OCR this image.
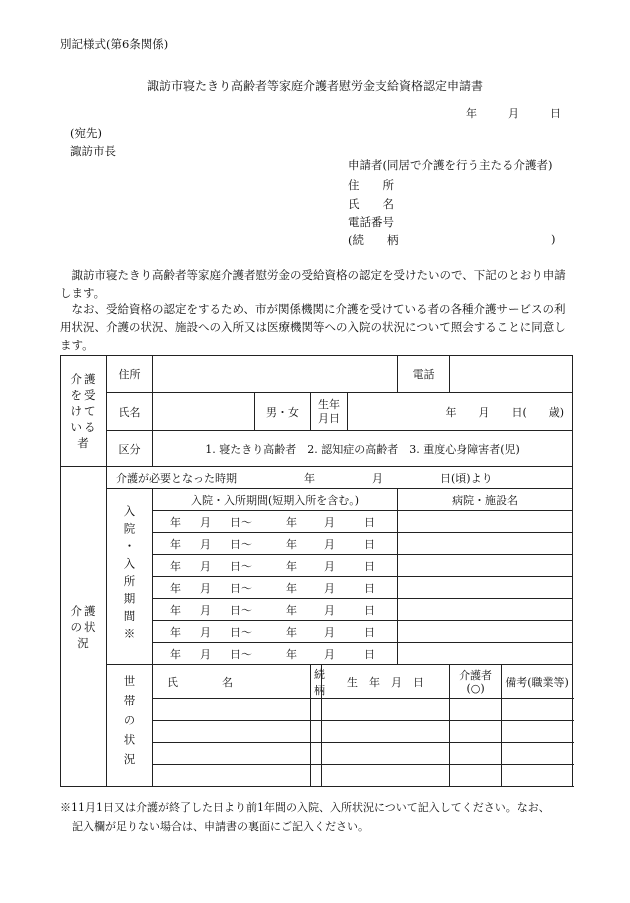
別記様式(第6条関係)
諏訪市寝たきり高齢者等家庭介護者慰労金支給資格認定申請書
年	月	日
(宛先)
諏訪市長
申請者(同居で介護を行う主たる介護者)
住　　所
氏　　名
電話番号
(続　　柄	)
諏訪市寝たきり高齢者等家庭介護者慰労金の受給資格の認定を受けたいので、下記のとおり申請します。
なお、受給資格の認定をするため、市が関係機関に介護を受けている者の各種介護サービスの利用状況、介護の状況、施設への入所又は医療機関等への入院の状況について照会することに同意します。
介護を受けている者	住所						電話		
	氏名		男・女	生年月日		年　　月　　日(　　歳)			
	区分	1. 寝たきり高齢者　2. 認知症の高齢者　3. 重度心身障害者(児)							

介護の状況	介護が必要となった時期 年 月 日(頃)より								
	入院・入所期間※	入院・入所期間(短期入所を含む。)					病院・施設名		
		年 月 日〜 年 月 日							
		年 月 日〜 年 月 日							
		年 月 日〜 年 月 日							
		年 月 日〜 年 月 日							
		年 月 日〜 年 月 日							
		年 月 日〜 年 月 日							
		年 月 日〜 年 月 日							
	世帯の状況	氏　　　　名		続柄	生　年　月　日			介護者(○)	備考(職業等)

※11月1日又は介護が終了した日より前1年間の入院、入所状況について記入してください。なお、
記入欄が足りない場合は、申請書の裏面にご記入ください。
